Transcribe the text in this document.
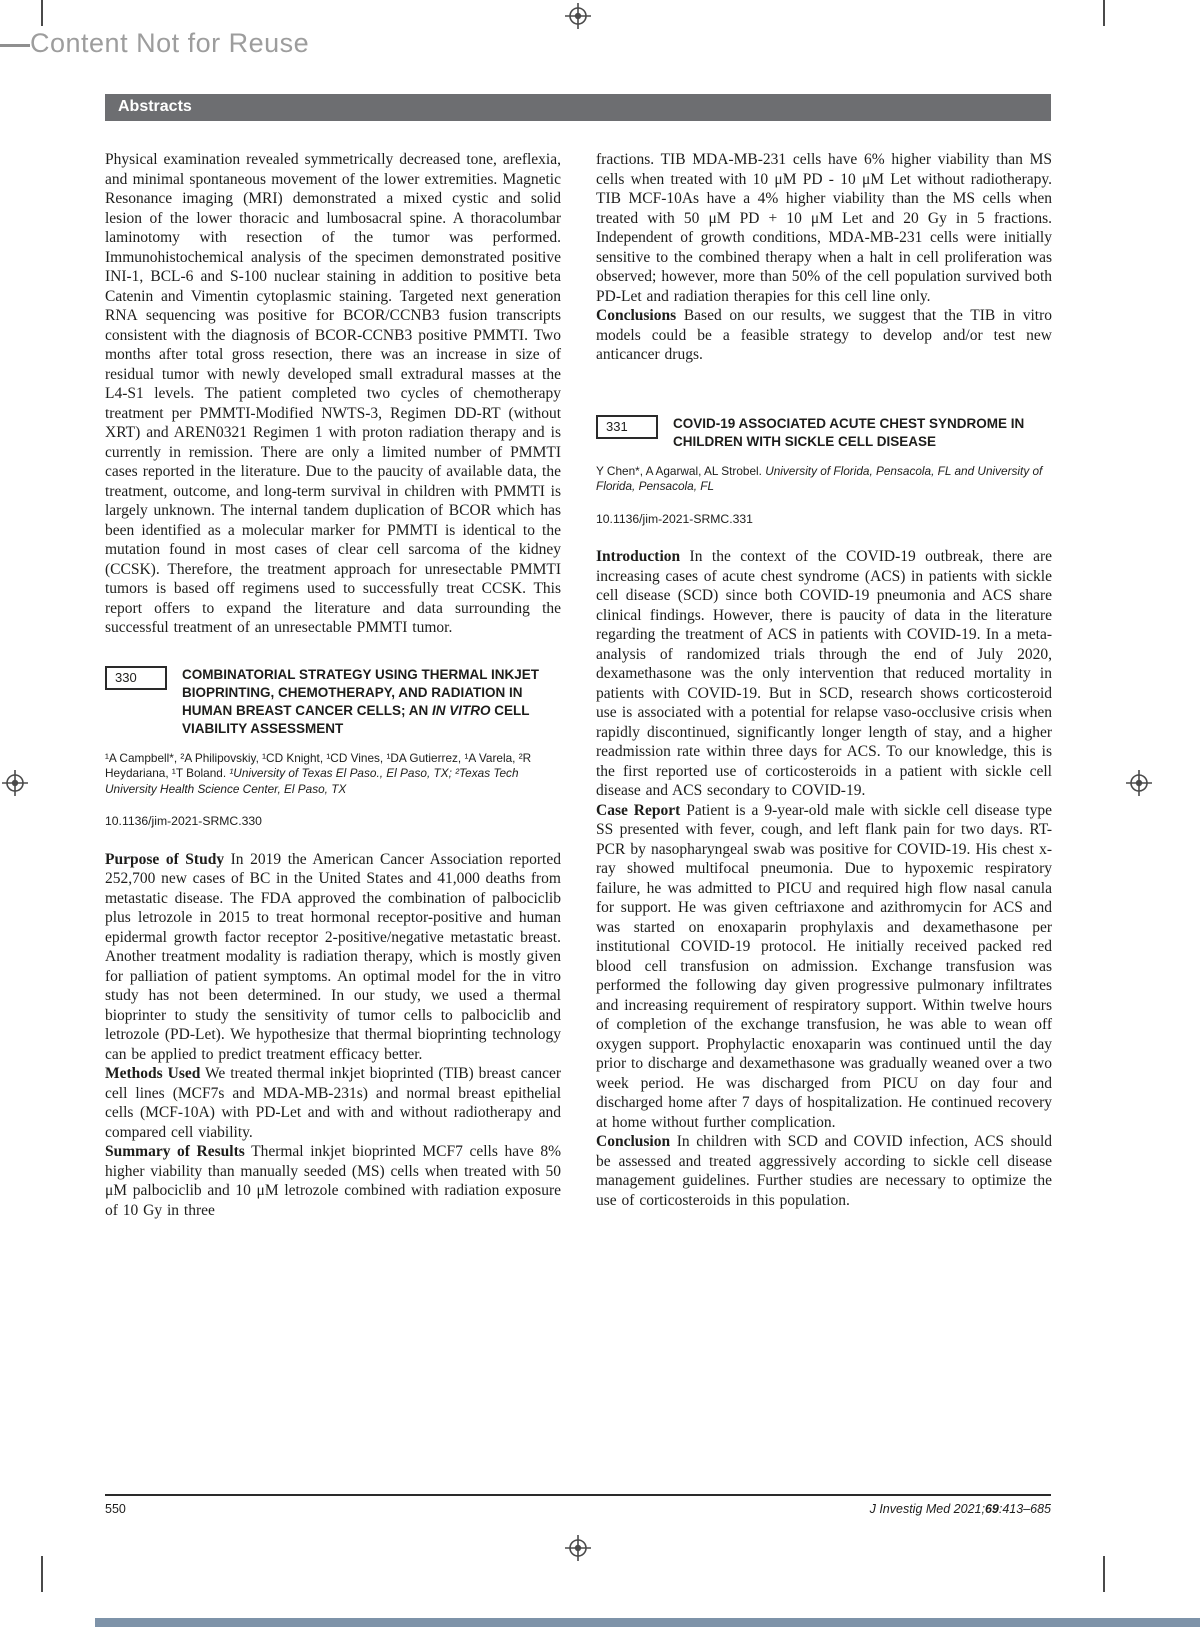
Content Not for Reuse
Abstracts

Physical examination revealed symmetrically decreased tone, areflexia, and minimal spontaneous movement of the lower extremities. Magnetic Resonance imaging (MRI) demonstrated a mixed cystic and solid lesion of the lower thoracic and lumbosacral spine. A thoracolumbar laminotomy with resection of the tumor was performed. Immunohistochemical analysis of the specimen demonstrated positive INI-1, BCL-6 and S-100 nuclear staining in addition to positive beta Catenin and Vimentin cytoplasmic staining. Targeted next generation RNA sequencing was positive for BCOR/CCNB3 fusion transcripts consistent with the diagnosis of BCOR-CCNB3 positive PMMTI. Two months after total gross resection, there was an increase in size of residual tumor with newly developed small extradural masses at the L4-S1 levels. The patient completed two cycles of chemotherapy treatment per PMMTI-Modified NWTS-3, Regimen DD-RT (without XRT) and AREN0321 Regimen 1 with proton radiation therapy and is currently in remission. There are only a limited number of PMMTI cases reported in the literature. Due to the paucity of available data, the treatment, outcome, and long-term survival in children with PMMTI is largely unknown. The internal tandem duplication of BCOR which has been identified as a molecular marker for PMMTI is identical to the mutation found in most cases of clear cell sarcoma of the kidney (CCSK). Therefore, the treatment approach for unresectable PMMTI tumors is based off regimens used to successfully treat CCSK. This report offers to expand the literature and data surrounding the successful treatment of an unresectable PMMTI tumor.

330	COMBINATORIAL STRATEGY USING THERMAL INKJET BIOPRINTING, CHEMOTHERAPY, AND RADIATION IN HUMAN BREAST CANCER CELLS; AN IN VITRO CELL VIABILITY ASSESSMENT
¹A Campbell*, ²A Philipovskiy, ¹CD Knight, ¹CD Vines, ¹DA Gutierrez, ¹A Varela, ²R Heydariana, ¹T Boland. ¹University of Texas El Paso., El Paso, TX; ²Texas Tech University Health Science Center, El Paso, TX
10.1136/jim-2021-SRMC.330

Purpose of Study In 2019 the American Cancer Association reported 252,700 new cases of BC in the United States and 41,000 deaths from metastatic disease. The FDA approved the combination of palbociclib plus letrozole in 2015 to treat hormonal receptor-positive and human epidermal growth factor receptor 2-positive/negative metastatic breast. Another treatment modality is radiation therapy, which is mostly given for palliation of patient symptoms. An optimal model for the in vitro study has not been determined. In our study, we used a thermal bioprinter to study the sensitivity of tumor cells to palbociclib and letrozole (PD-Let). We hypothesize that thermal bioprinting technology can be applied to predict treatment efficacy better.

Methods Used We treated thermal inkjet bioprinted (TIB) breast cancer cell lines (MCF7s and MDA-MB-231s) and normal breast epithelial cells (MCF-10A) with PD-Let and with and without radiotherapy and compared cell viability.

Summary of Results Thermal inkjet bioprinted MCF7 cells have 8% higher viability than manually seeded (MS) cells when treated with 50 μM palbociclib and 10 μM letrozole combined with radiation exposure of 10 Gy in three

fractions. TIB MDA-MB-231 cells have 6% higher viability than MS cells when treated with 10 μM PD - 10 μM Let without radiotherapy. TIB MCF-10As have a 4% higher viability than the MS cells when treated with 50 μM PD + 10 μM Let and 20 Gy in 5 fractions. Independent of growth conditions, MDA-MB-231 cells were initially sensitive to the combined therapy when a halt in cell proliferation was observed; however, more than 50% of the cell population survived both PD-Let and radiation therapies for this cell line only.

Conclusions Based on our results, we suggest that the TIB in vitro models could be a feasible strategy to develop and/or test new anticancer drugs.

331	COVID-19 ASSOCIATED ACUTE CHEST SYNDROME IN CHILDREN WITH SICKLE CELL DISEASE
Y Chen*, A Agarwal, AL Strobel. University of Florida, Pensacola, FL and University of Florida, Pensacola, FL
10.1136/jim-2021-SRMC.331

Introduction In the context of the COVID-19 outbreak, there are increasing cases of acute chest syndrome (ACS) in patients with sickle cell disease (SCD) since both COVID-19 pneumonia and ACS share clinical findings. However, there is paucity of data in the literature regarding the treatment of ACS in patients with COVID-19. In a meta-analysis of randomized trials through the end of July 2020, dexamethasone was the only intervention that reduced mortality in patients with COVID-19. But in SCD, research shows corticosteroid use is associated with a potential for relapse vaso-occlusive crisis when rapidly discontinued, significantly longer length of stay, and a higher readmission rate within three days for ACS. To our knowledge, this is the first reported use of corticosteroids in a patient with sickle cell disease and ACS secondary to COVID-19.

Case Report Patient is a 9-year-old male with sickle cell disease type SS presented with fever, cough, and left flank pain for two days. RT-PCR by nasopharyngeal swab was positive for COVID-19. His chest x-ray showed multifocal pneumonia. Due to hypoxemic respiratory failure, he was admitted to PICU and required high flow nasal canula for support. He was given ceftriaxone and azithromycin for ACS and was started on enoxaparin prophylaxis and dexamethasone per institutional COVID-19 protocol. He initially received packed red blood cell transfusion on admission. Exchange transfusion was performed the following day given progressive pulmonary infiltrates and increasing requirement of respiratory support. Within twelve hours of completion of the exchange transfusion, he was able to wean off oxygen support. Prophylactic enoxaparin was continued until the day prior to discharge and dexamethasone was gradually weaned over a two week period. He was discharged from PICU on day four and discharged home after 7 days of hospitalization. He continued recovery at home without further complication.

Conclusion In children with SCD and COVID infection, ACS should be assessed and treated aggressively according to sickle cell disease management guidelines. Further studies are necessary to optimize the use of corticosteroids in this population.

550	J Investig Med 2021;69:413–685
